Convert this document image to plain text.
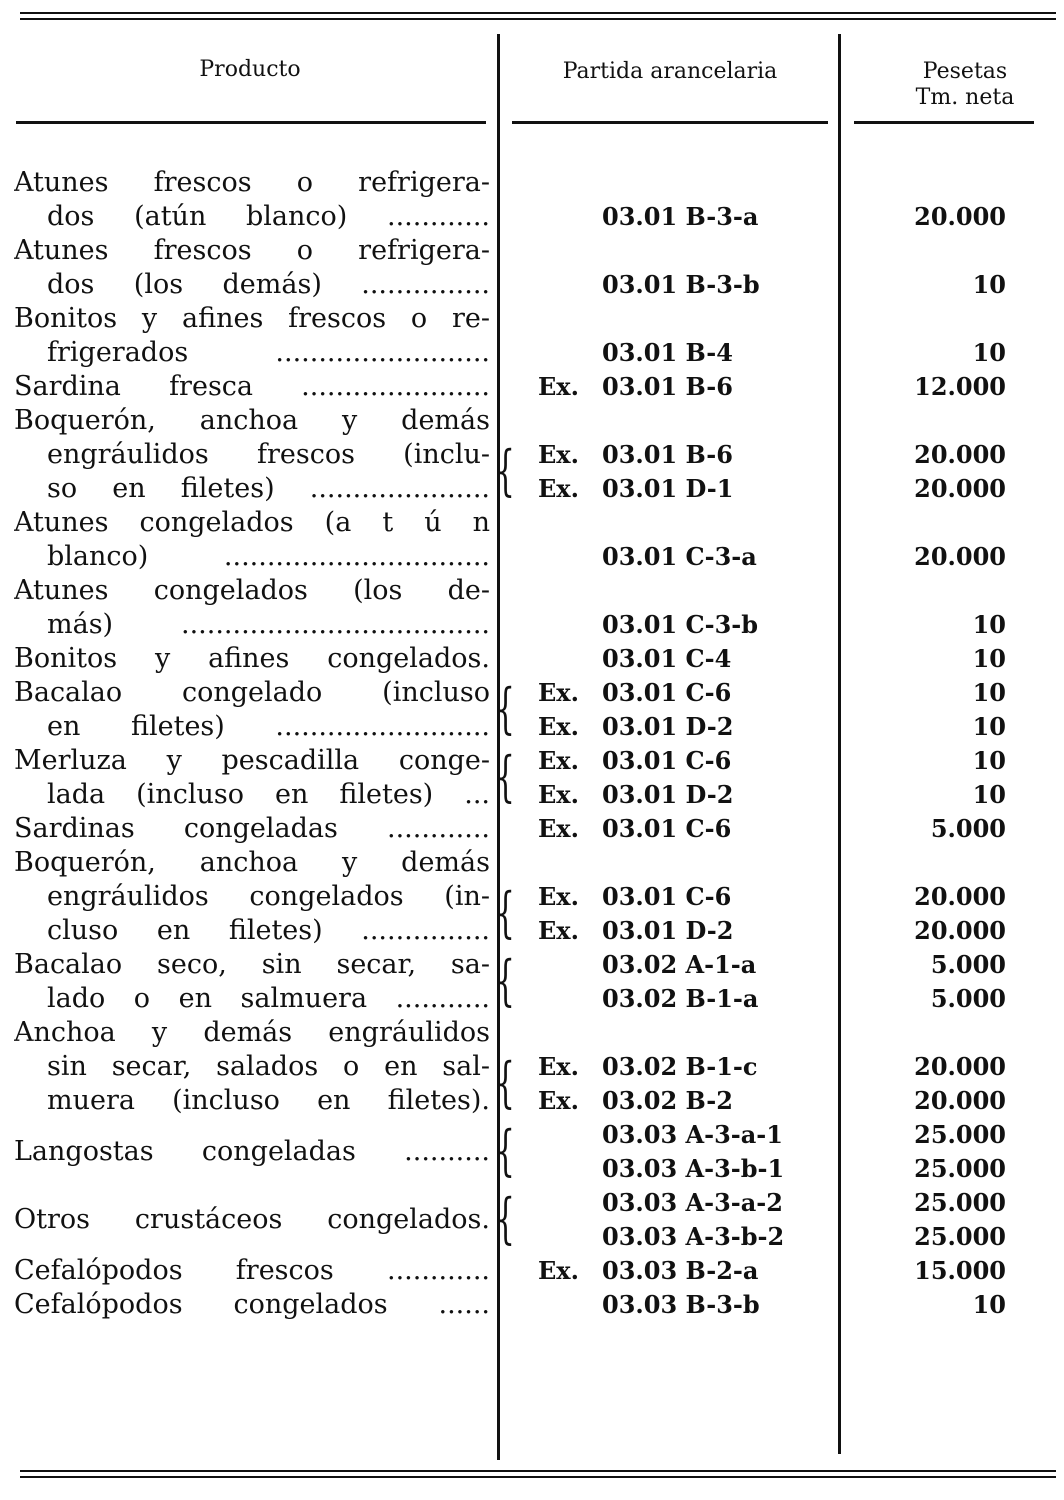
Producto	Partida arancelaria	Pesetas
Tm. neta
Atunes frescos o refrigera-
dos (atún blanco) ............	03.01 B-3-a	20.000
Atunes frescos o refrigera-
dos (los demás) ...............	03.01 B-3-b	10
Bonitos y afines frescos o re-
frigerados .........................	03.01 B-4	10
Sardina fresca ...................... Ex. 03.01 B-6	12.000
Boquerón, anchoa y demás
engráulidos frescos (inclu-
so en filetes) .....................
Ex. 03.01 B-6	20.000
Ex. 03.01 D-1	20.000
{
Atunes congelados (a t ú n
blanco) ...............................	03.01 C-3-a	20.000
Atunes congelados (los de-
más) ....................................	03.01 C-3-b	10
Bonitos y afines congelados.	03.01 C-4	10
Bacalao congelado (incluso
en filetes) .........................
Ex. 03.01 C-6	10
Ex. 03.01 D-2	10
{
Merluza y pescadilla conge-
lada (incluso en filetes) ...
Ex. 03.01 C-6	10
Ex. 03.01 D-2	10
{
Sardinas congeladas ............ Ex. 03.01 C-6	5.000
Boquerón, anchoa y demás
engráulidos congelados (in-
cluso en filetes) ...............
Ex. 03.01 C-6	20.000
Ex. 03.01 D-2	20.000
{
Bacalao seco, sin secar, sa-
lado o en salmuera ...........
03.02 A-1-a	5.000
03.02 B-1-a	5.000
{
Anchoa y demás engráulidos
sin secar, salados o en sal-
muera (incluso en filetes).
Ex. 03.02 B-1-c	20.000
Ex. 03.02 B-2	20.000
{
Langostas congeladas ..........
03.03 A-3-a-1	25.000
03.03 A-3-b-1	25.000
{
Otros crustáceos congelados.
03.03 A-3-a-2	25.000
03.03 A-3-b-2	25.000
{
Cefalópodos frescos ............ Ex. 03.03 B-2-a	15.000
Cefalópodos congelados ......	03.03 B-3-b	10
